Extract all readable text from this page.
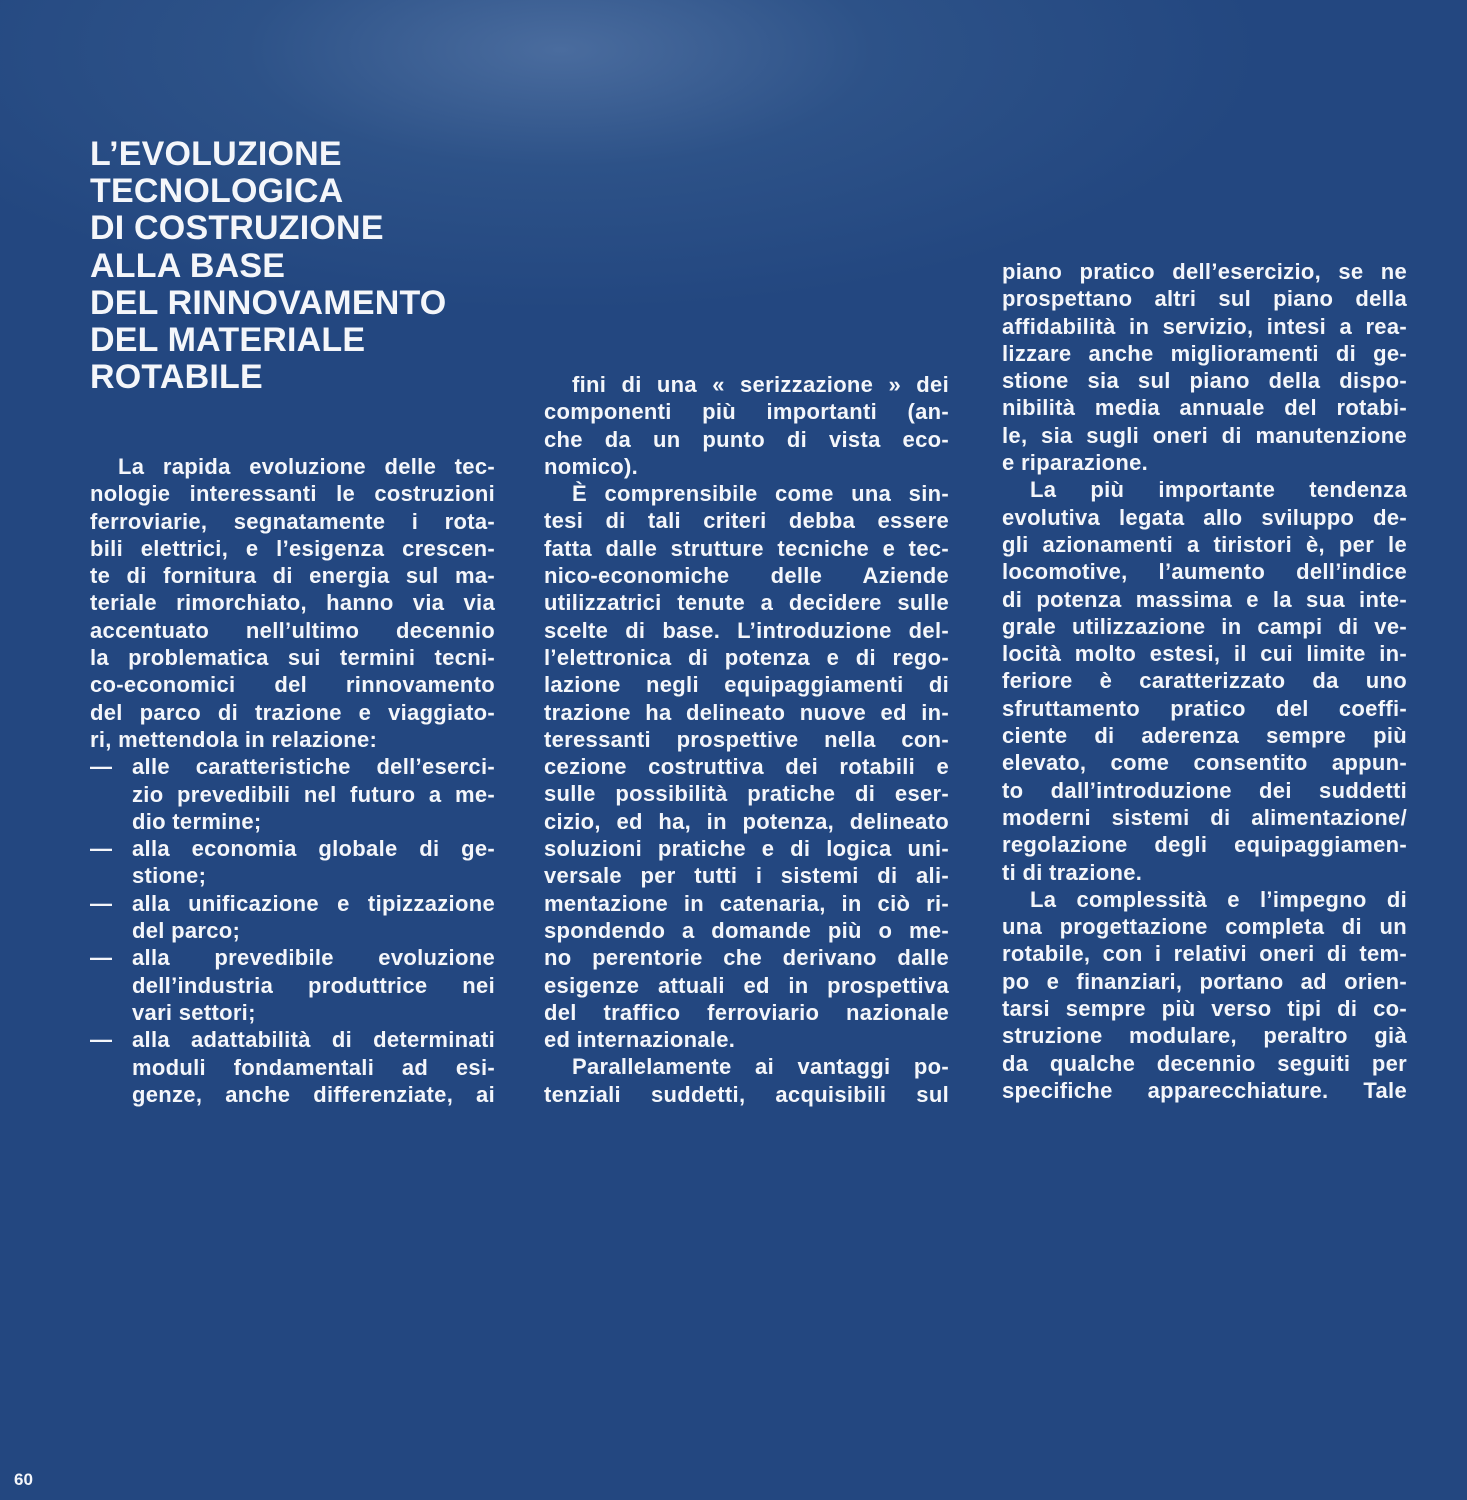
L’EVOLUZIONE
TECNOLOGICA
DI COSTRUZIONE
ALLA BASE
DEL RINNOVAMENTO
DEL MATERIALE
ROTABILE
La rapida evoluzione delle tec-
nologie interessanti le costruzioni
ferroviarie, segnatamente i rota-
bili elettrici, e l’esigenza crescen-
te di fornitura di energia sul ma-
teriale rimorchiato, hanno via via
accentuato nell’ultimo decennio
la problematica sui termini tecni-
co-economici del rinnovamento
del parco di trazione e viaggiato-
ri, mettendola in relazione:
— alle caratteristiche dell’eserci-
zio prevedibili nel futuro a me-
dio termine;
— alla economia globale di ge-
stione;
— alla unificazione e tipizzazione
del parco;
— alla prevedibile evoluzione
dell’industria produttrice nei
vari settori;
— alla adattabilità di determinati
moduli fondamentali ad esi-
genze, anche differenziate, ai
fini di una « serizzazione » dei
componenti più importanti (an-
che da un punto di vista eco-
nomico).
È comprensibile come una sin-
tesi di tali criteri debba essere
fatta dalle strutture tecniche e tec-
nico-economiche delle Aziende
utilizzatrici tenute a decidere sulle
scelte di base. L’introduzione del-
l’elettronica di potenza e di rego-
lazione negli equipaggiamenti di
trazione ha delineato nuove ed in-
teressanti prospettive nella con-
cezione costruttiva dei rotabili e
sulle possibilità pratiche di eser-
cizio, ed ha, in potenza, delineato
soluzioni pratiche e di logica uni-
versale per tutti i sistemi di ali-
mentazione in catenaria, in ciò ri-
spondendo a domande più o me-
no perentorie che derivano dalle
esigenze attuali ed in prospettiva
del traffico ferroviario nazionale
ed internazionale.
Parallelamente ai vantaggi po-
tenziali suddetti, acquisibili sul
piano pratico dell’esercizio, se ne
prospettano altri sul piano della
affidabilità in servizio, intesi a rea-
lizzare anche miglioramenti di ge-
stione sia sul piano della dispo-
nibilità media annuale del rotabi-
le, sia sugli oneri di manutenzione
e riparazione.
La più importante tendenza
evolutiva legata allo sviluppo de-
gli azionamenti a tiristori è, per le
locomotive, l’aumento dell’indice
di potenza massima e la sua inte-
grale utilizzazione in campi di ve-
locità molto estesi, il cui limite in-
feriore è caratterizzato da uno
sfruttamento pratico del coeffi-
ciente di aderenza sempre più
elevato, come consentito appun-
to dall’introduzione dei suddetti
moderni sistemi di alimentazione/
regolazione degli equipaggiamen-
ti di trazione.
La complessità e l’impegno di
una progettazione completa di un
rotabile, con i relativi oneri di tem-
po e finanziari, portano ad orien-
tarsi sempre più verso tipi di co-
struzione modulare, peraltro già
da qualche decennio seguiti per
specifiche apparecchiature. Tale
60
